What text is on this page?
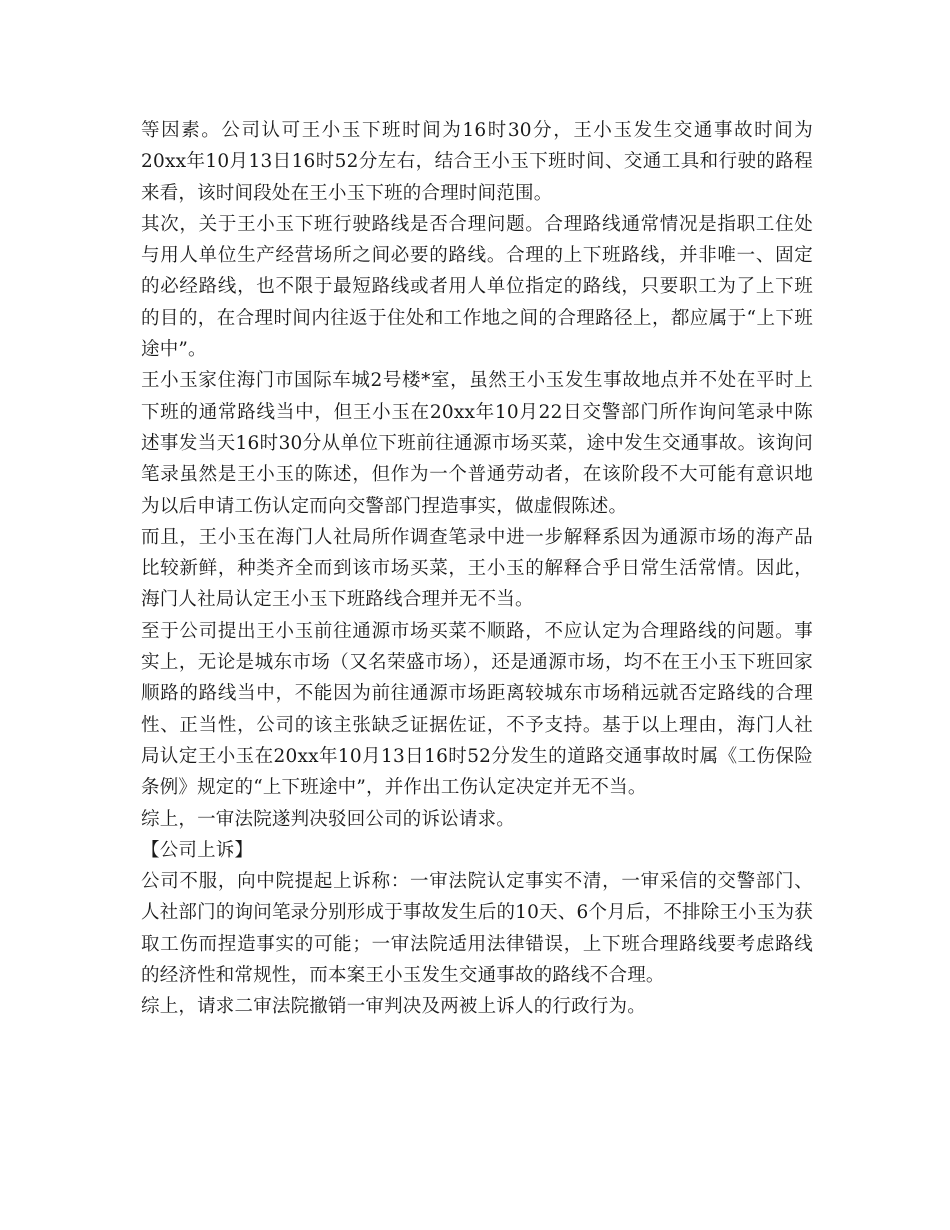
等因素。公司认可王小玉下班时间为16时30分，王小玉发生交通事故时间为20xx年10月13日16时52分左右，结合王小玉下班时间、交通工具和行驶的路程来看，该时间段处在王小玉下班的合理时间范围。

其次，关于王小玉下班行驶路线是否合理问题。合理路线通常情况是指职工住处与用人单位生产经营场所之间必要的路线。合理的上下班路线，并非唯一、固定的必经路线，也不限于最短路线或者用人单位指定的路线，只要职工为了上下班的目的，在合理时间内往返于住处和工作地之间的合理路径上，都应属于“上下班途中”。

王小玉家住海门市国际车城2号楼*室，虽然王小玉发生事故地点并不处在平时上下班的通常路线当中，但王小玉在20xx年10月22日交警部门所作询问笔录中陈述事发当天16时30分从单位下班前往通源市场买菜，途中发生交通事故。该询问笔录虽然是王小玉的陈述，但作为一个普通劳动者，在该阶段不大可能有意识地为以后申请工伤认定而向交警部门捏造事实，做虚假陈述。

而且，王小玉在海门人社局所作调查笔录中进一步解释系因为通源市场的海产品比较新鲜，种类齐全而到该市场买菜，王小玉的解释合乎日常生活常情。因此，海门人社局认定王小玉下班路线合理并无不当。

至于公司提出王小玉前往通源市场买菜不顺路，不应认定为合理路线的问题。事实上，无论是城东市场（又名荣盛市场），还是通源市场，均不在王小玉下班回家顺路的路线当中，不能因为前往通源市场距离较城东市场稍远就否定路线的合理性、正当性，公司的该主张缺乏证据佐证，不予支持。基于以上理由，海门人社局认定王小玉在20xx年10月13日16时52分发生的道路交通事故时属《工伤保险条例》规定的“上下班途中”，并作出工伤认定决定并无不当。

综上，一审法院遂判决驳回公司的诉讼请求。

【公司上诉】

公司不服，向中院提起上诉称：一审法院认定事实不清，一审采信的交警部门、人社部门的询问笔录分别形成于事故发生后的10天、6个月后，不排除王小玉为获取工伤而捏造事实的可能；一审法院适用法律错误，上下班合理路线要考虑路线的经济性和常规性，而本案王小玉发生交通事故的路线不合理。

综上，请求二审法院撤销一审判决及两被上诉人的行政行为。
